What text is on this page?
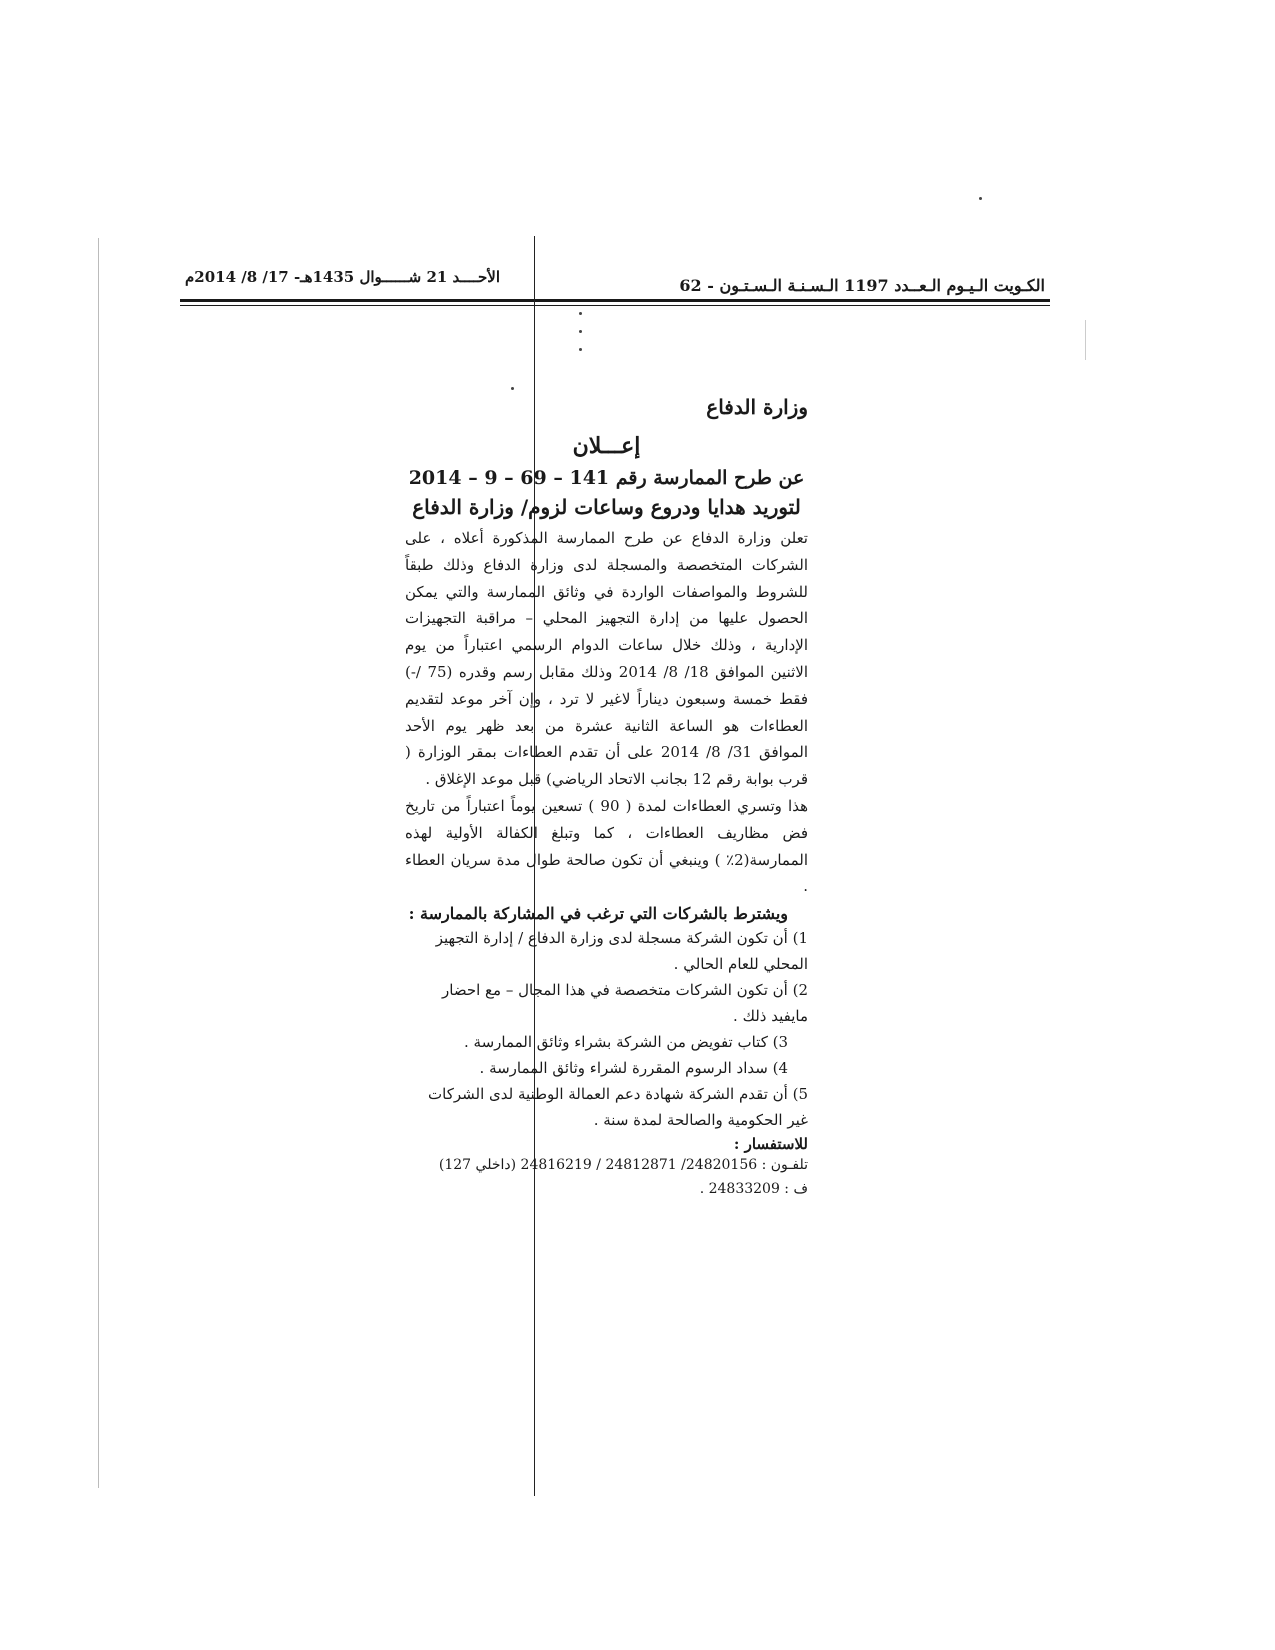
الأحــــد 21 شــــــوال 1435هـ- 17/ 8/ 2014م	الكـويت الـيـوم الـعــدد 1197 الـسـنـة الـسـتـون - 62
وزارة الدفاع
إعـــلان
عن طرح الممارسة رقم 141 – 69 – 9 – 2014
لتوريد هدايا ودروع وساعات لزوم/ وزارة الدفاع

تعلن وزارة الدفاع عن طرح الممارسة المذكورة أعلاه ، على الشركات المتخصصة والمسجلة لدى وزارة الدفاع وذلك طبقاً للشروط والمواصفات الواردة في وثائق الممارسة والتي يمكن الحصول عليها من إدارة التجهيز المحلي – مراقبة التجهيزات الإدارية ، وذلك خلال ساعات الدوام الرسمي اعتباراً من يوم الاثنين الموافق 18/ 8/ 2014 وذلك مقابل رسم وقدره (75 /-) فقط خمسة وسبعون ديناراً لاغير لا ترد ، وإن آخر موعد لتقديم العطاءات هو الساعة الثانية عشرة من بعد ظهر يوم الأحد الموافق 31/ 8/ 2014 على أن تقدم العطاءات بمقر الوزارة ( قرب بوابة رقم 12 بجانب الاتحاد الرياضي) قبل موعد الإغلاق .

هذا وتسري العطاءات لمدة ( 90 ) تسعين يوماً اعتباراً من تاريخ فض مظاريف العطاءات ، كما وتبلغ الكفالة الأولية لهذه الممارسة(2٪ ) وينبغي أن تكون صالحة طوال مدة سريان العطاء .

ويشترط بالشركات التي ترغب في المشاركة بالممارسة :

1) أن تكون الشركة مسجلة لدى وزارة الدفاع / إدارة التجهيز المحلي للعام الحالي .

2) أن تكون الشركات متخصصة في هذا المجال – مع احضار مايفيد ذلك .

3) كتاب تفويض من الشركة بشراء وثائق الممارسة .

4) سداد الرسوم المقررة لشراء وثائق الممارسة .

5) أن تقدم الشركة شهادة دعم العمالة الوطنية لدى الشركات غير الحكومية والصالحة لمدة سنة .

للاستفسار :

تلفـون : 24820156/ 24812871 / 24816219 (داخلي 127)

ف : 24833209 .
